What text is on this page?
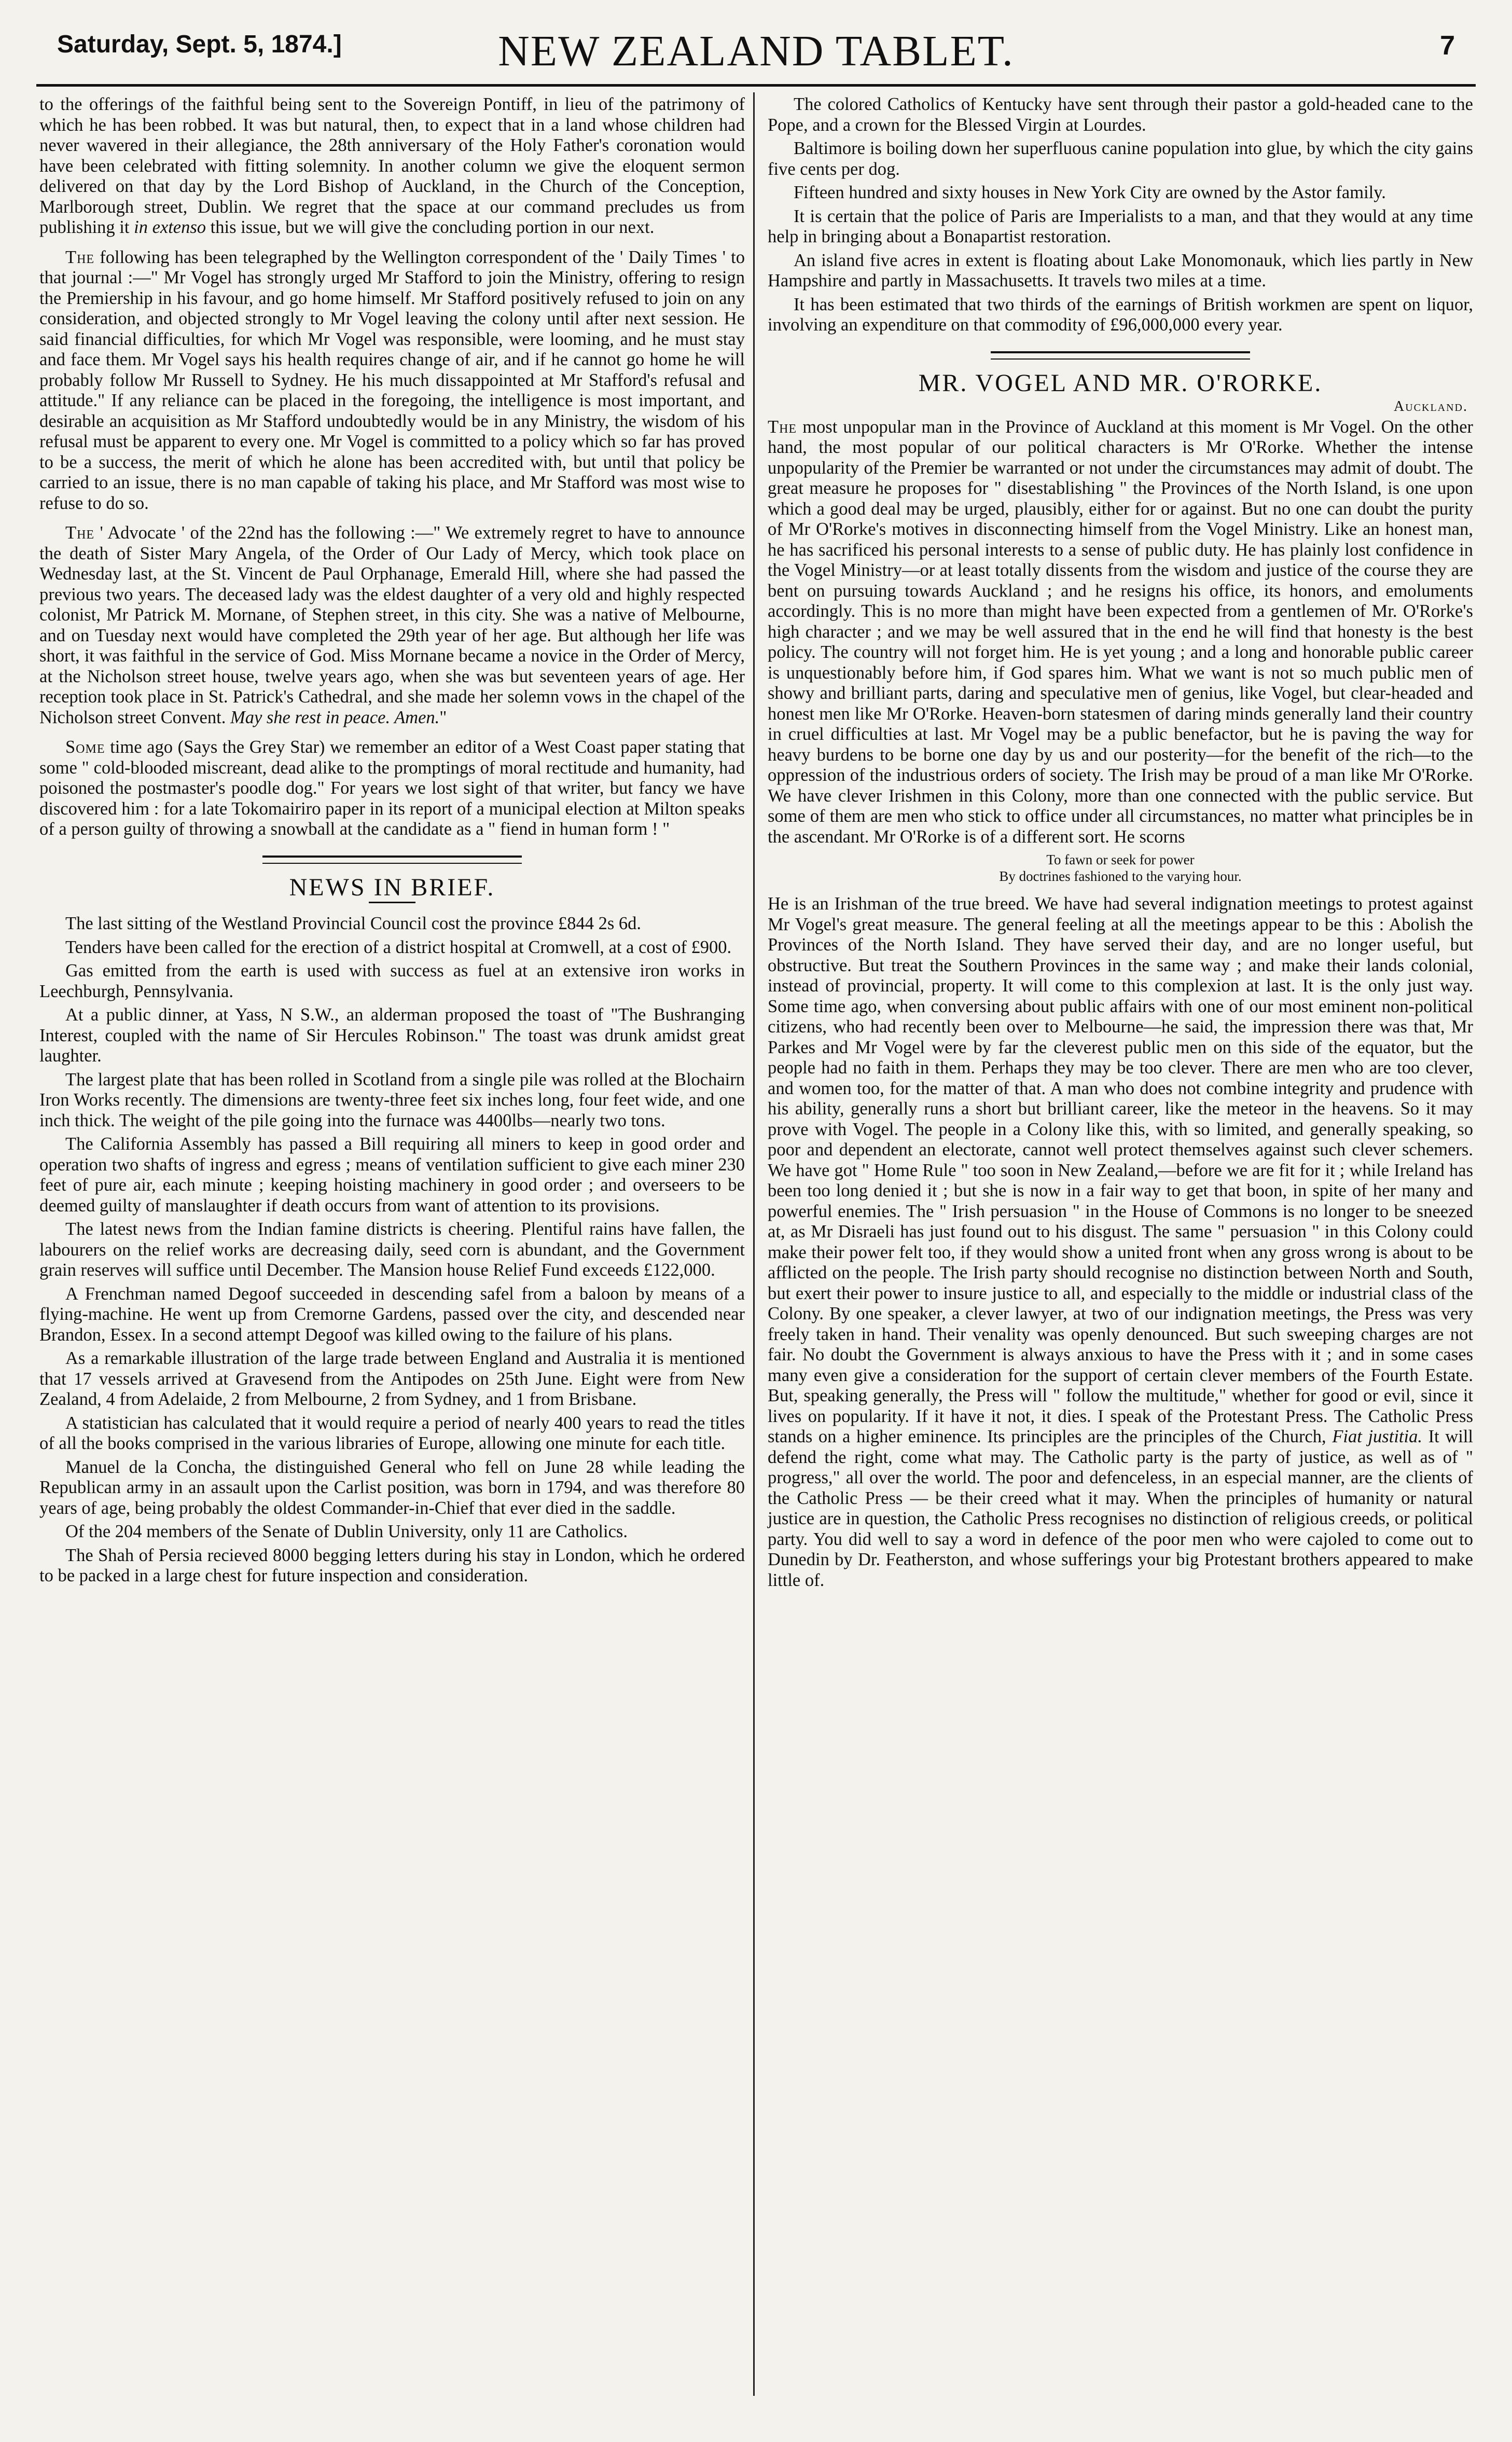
Saturday, Sept. 5, 1874.]	NEW ZEALAND TABLET.	7

to the offerings of the faithful being sent to the Sovereign Pontiff, in lieu of the patrimony of which he has been robbed. It was but natural, then, to expect that in a land whose children had never wavered in their allegiance, the 28th anniversary of the Holy Father's coronation would have been celebrated with fitting solemnity. In another column we give the eloquent sermon delivered on that day by the Lord Bishop of Auckland, in the Church of the Conception, Marlborough street, Dublin. We regret that the space at our command precludes us from publishing it in extenso this issue, but we will give the concluding portion in our next.

The following has been telegraphed by the Wellington correspondent of the ' Daily Times ' to that journal :—" Mr Vogel has strongly urged Mr Stafford to join the Ministry, offering to resign the Premiership in his favour, and go home himself. Mr Stafford positively refused to join on any consideration, and objected strongly to Mr Vogel leaving the colony until after next session. He said financial difficulties, for which Mr Vogel was responsible, were looming, and he must stay and face them. Mr Vogel says his health requires change of air, and if he cannot go home he will probably follow Mr Russell to Sydney. He his much dissappointed at Mr Stafford's refusal and attitude." If any reliance can be placed in the foregoing, the intelligence is most important, and desirable an acquisition as Mr Stafford undoubtedly would be in any Ministry, the wisdom of his refusal must be apparent to every one. Mr Vogel is committed to a policy which so far has proved to be a success, the merit of which he alone has been accredited with, but until that policy be carried to an issue, there is no man capable of taking his place, and Mr Stafford was most wise to refuse to do so.

The ' Advocate ' of the 22nd has the following :—" We extremely regret to have to announce the death of Sister Mary Angela, of the Order of Our Lady of Mercy, which took place on Wednesday last, at the St. Vincent de Paul Orphanage, Emerald Hill, where she had passed the previous two years. The deceased lady was the eldest daughter of a very old and highly respected colonist, Mr Patrick M. Mornane, of Stephen street, in this city. She was a native of Melbourne, and on Tuesday next would have completed the 29th year of her age. But although her life was short, it was faithful in the service of God. Miss Mornane became a novice in the Order of Mercy, at the Nicholson street house, twelve years ago, when she was but seventeen years of age. Her reception took place in St. Patrick's Cathedral, and she made her solemn vows in the chapel of the Nicholson street Convent. May she rest in peace. Amen."

Some time ago (Says the Grey Star) we remember an editor of a West Coast paper stating that some " cold-blooded miscreant, dead alike to the promptings of moral rectitude and humanity, had poisoned the postmaster's poodle dog." For years we lost sight of that writer, but fancy we have discovered him : for a late Tokomairiro paper in its report of a municipal election at Milton speaks of a person guilty of throwing a snowball at the candidate as a " fiend in human form ! "

NEWS IN BRIEF.

The last sitting of the Westland Provincial Council cost the province £844 2s 6d.

Tenders have been called for the erection of a district hospital at Cromwell, at a cost of £900.

Gas emitted from the earth is used with success as fuel at an extensive iron works in Leechburgh, Pennsylvania.

At a public dinner, at Yass, N S.W., an alderman proposed the toast of "The Bushranging Interest, coupled with the name of Sir Hercules Robinson." The toast was drunk amidst great laughter.

The largest plate that has been rolled in Scotland from a single pile was rolled at the Blochairn Iron Works recently. The dimensions are twenty-three feet six inches long, four feet wide, and one inch thick. The weight of the pile going into the furnace was 4400lbs—nearly two tons.

The California Assembly has passed a Bill requiring all miners to keep in good order and operation two shafts of ingress and egress ; means of ventilation sufficient to give each miner 230 feet of pure air, each minute ; keeping hoisting machinery in good order ; and overseers to be deemed guilty of manslaughter if death occurs from want of attention to its provisions.

The latest news from the Indian famine districts is cheering. Plentiful rains have fallen, the labourers on the relief works are decreasing daily, seed corn is abundant, and the Government grain reserves will suffice until December. The Mansion house Relief Fund exceeds £122,000.

A Frenchman named Degoof succeeded in descending safel from a baloon by means of a flying-machine. He went up from Cremorne Gardens, passed over the city, and descended near Brandon, Essex. In a second attempt Degoof was killed owing to the failure of his plans.

As a remarkable illustration of the large trade between England and Australia it is mentioned that 17 vessels arrived at Gravesend from the Antipodes on 25th June. Eight were from New Zealand, 4 from Adelaide, 2 from Melbourne, 2 from Sydney, and 1 from Brisbane.

A statistician has calculated that it would require a period of nearly 400 years to read the titles of all the books comprised in the various libraries of Europe, allowing one minute for each title.

Manuel de la Concha, the distinguished General who fell on June 28 while leading the Republican army in an assault upon the Carlist position, was born in 1794, and was therefore 80 years of age, being probably the oldest Commander-in-Chief that ever died in the saddle.

Of the 204 members of the Senate of Dublin University, only 11 are Catholics.

The Shah of Persia recieved 8000 begging letters during his stay in London, which he ordered to be packed in a large chest for future inspection and consideration.

The colored Catholics of Kentucky have sent through their pastor a gold-headed cane to the Pope, and a crown for the Blessed Virgin at Lourdes.

Baltimore is boiling down her superfluous canine population into glue, by which the city gains five cents per dog.

Fifteen hundred and sixty houses in New York City are owned by the Astor family.

It is certain that the police of Paris are Imperialists to a man, and that they would at any time help in bringing about a Bonapartist restoration.

An island five acres in extent is floating about Lake Monomonauk, which lies partly in New Hampshire and partly in Massachusetts. It travels two miles at a time.

It has been estimated that two thirds of the earnings of British workmen are spent on liquor, involving an expenditure on that commodity of £96,000,000 every year.

MR. VOGEL AND MR. O'RORKE.
Auckland.

The most unpopular man in the Province of Auckland at this moment is Mr Vogel. On the other hand, the most popular of our political characters is Mr O'Rorke. Whether the intense unpopularity of the Premier be warranted or not under the circumstances may admit of doubt. The great measure he proposes for " disestablishing " the Provinces of the North Island, is one upon which a good deal may be urged, plausibly, either for or against. But no one can doubt the purity of Mr O'Rorke's motives in disconnecting himself from the Vogel Ministry. Like an honest man, he has sacrificed his personal interests to a sense of public duty. He has plainly lost confidence in the Vogel Ministry—or at least totally dissents from the wisdom and justice of the course they are bent on pursuing towards Auckland ; and he resigns his office, its honors, and emoluments accordingly. This is no more than might have been expected from a gentlemen of Mr. O'Rorke's high character ; and we may be well assured that in the end he will find that honesty is the best policy. The country will not forget him. He is yet young ; and a long and honorable public career is unquestionably before him, if God spares him. What we want is not so much public men of showy and brilliant parts, daring and speculative men of genius, like Vogel, but clear-headed and honest men like Mr O'Rorke. Heaven-born statesmen of daring minds generally land their country in cruel difficulties at last. Mr Vogel may be a public benefactor, but he is paving the way for heavy burdens to be borne one day by us and our posterity—for the benefit of the rich—to the oppression of the industrious orders of society. The Irish may be proud of a man like Mr O'Rorke. We have clever Irishmen in this Colony, more than one connected with the public service. But some of them are men who stick to office under all circumstances, no matter what principles be in the ascendant. Mr O'Rorke is of a different sort. He scorns

To fawn or seek for power
By doctrines fashioned to the varying hour.

He is an Irishman of the true breed. We have had several indignation meetings to protest against Mr Vogel's great measure. The general feeling at all the meetings appear to be this : Abolish the Provinces of the North Island. They have served their day, and are no longer useful, but obstructive. But treat the Southern Provinces in the same way ; and make their lands colonial, instead of provincial, property. It will come to this complexion at last. It is the only just way. Some time ago, when conversing about public affairs with one of our most eminent non-political citizens, who had recently been over to Melbourne—he said, the impression there was that, Mr Parkes and Mr Vogel were by far the cleverest public men on this side of the equator, but the people had no faith in them. Perhaps they may be too clever. There are men who are too clever, and women too, for the matter of that. A man who does not combine integrity and prudence with his ability, generally runs a short but brilliant career, like the meteor in the heavens. So it may prove with Vogel. The people in a Colony like this, with so limited, and generally speaking, so poor and dependent an electorate, cannot well protect themselves against such clever schemers. We have got " Home Rule " too soon in New Zealand,—before we are fit for it ; while Ireland has been too long denied it ; but she is now in a fair way to get that boon, in spite of her many and powerful enemies. The " Irish persuasion " in the House of Commons is no longer to be sneezed at, as Mr Disraeli has just found out to his disgust. The same " persuasion " in this Colony could make their power felt too, if they would show a united front when any gross wrong is about to be afflicted on the people. The Irish party should recognise no distinction between North and South, but exert their power to insure justice to all, and especially to the middle or industrial class of the Colony. By one speaker, a clever lawyer, at two of our indignation meetings, the Press was very freely taken in hand. Their venality was openly denounced. But such sweeping charges are not fair. No doubt the Government is always anxious to have the Press with it ; and in some cases many even give a consideration for the support of certain clever members of the Fourth Estate. But, speaking generally, the Press will " follow the multitude," whether for good or evil, since it lives on popularity. If it have it not, it dies. I speak of the Protestant Press. The Catholic Press stands on a higher eminence. Its principles are the principles of the Church, Fiat justitia. It will defend the right, come what may. The Catholic party is the party of justice, as well as of " progress," all over the world. The poor and defenceless, in an especial manner, are the clients of the Catholic Press — be their creed what it may. When the principles of humanity or natural justice are in question, the Catholic Press recognises no distinction of religious creeds, or political party. You did well to say a word in defence of the poor men who were cajoled to come out to Dunedin by Dr. Featherston, and whose sufferings your big Protestant brothers appeared to make little of.
